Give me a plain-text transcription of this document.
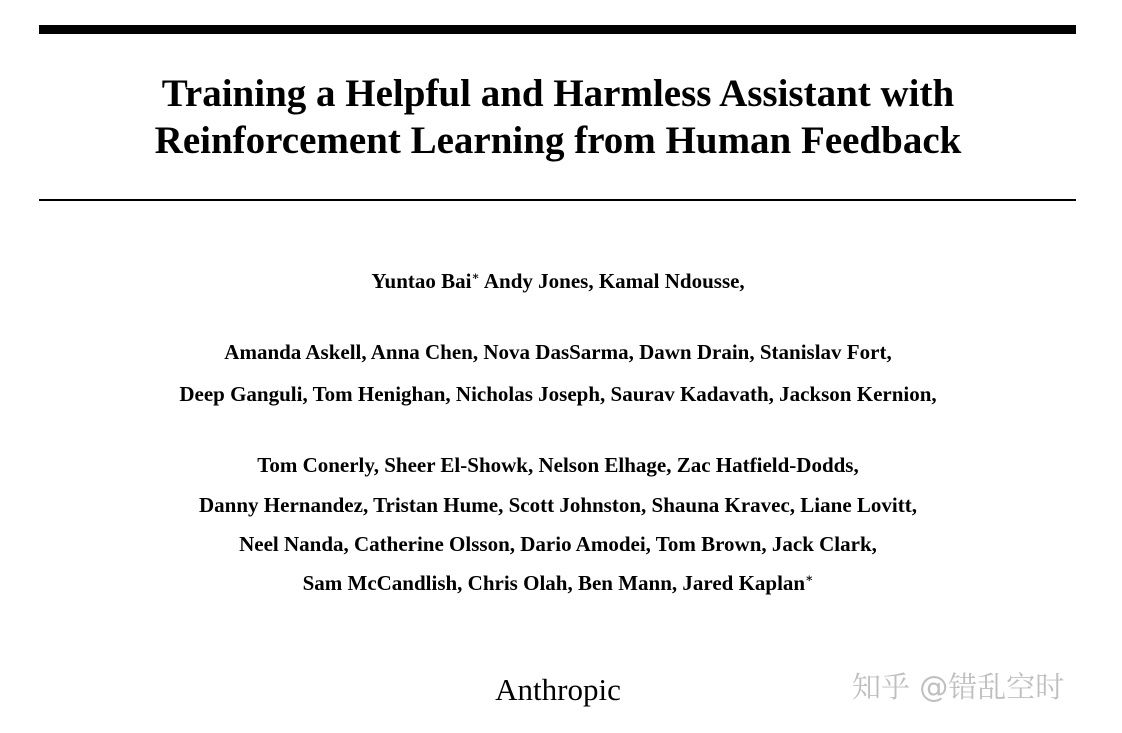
Training a Helpful and Harmless Assistant with
Reinforcement Learning from Human Feedback
Yuntao Bai∗ Andy Jones, Kamal Ndousse,
Amanda Askell, Anna Chen, Nova DasSarma, Dawn Drain, Stanislav Fort,
Deep Ganguli, Tom Henighan, Nicholas Joseph, Saurav Kadavath, Jackson Kernion,
Tom Conerly, Sheer El-Showk, Nelson Elhage, Zac Hatfield-Dodds,
Danny Hernandez, Tristan Hume, Scott Johnston, Shauna Kravec, Liane Lovitt,
Neel Nanda, Catherine Olsson, Dario Amodei, Tom Brown, Jack Clark,
Sam McCandlish, Chris Olah, Ben Mann, Jared Kaplan∗
Anthropic	知乎 @错乱空时
